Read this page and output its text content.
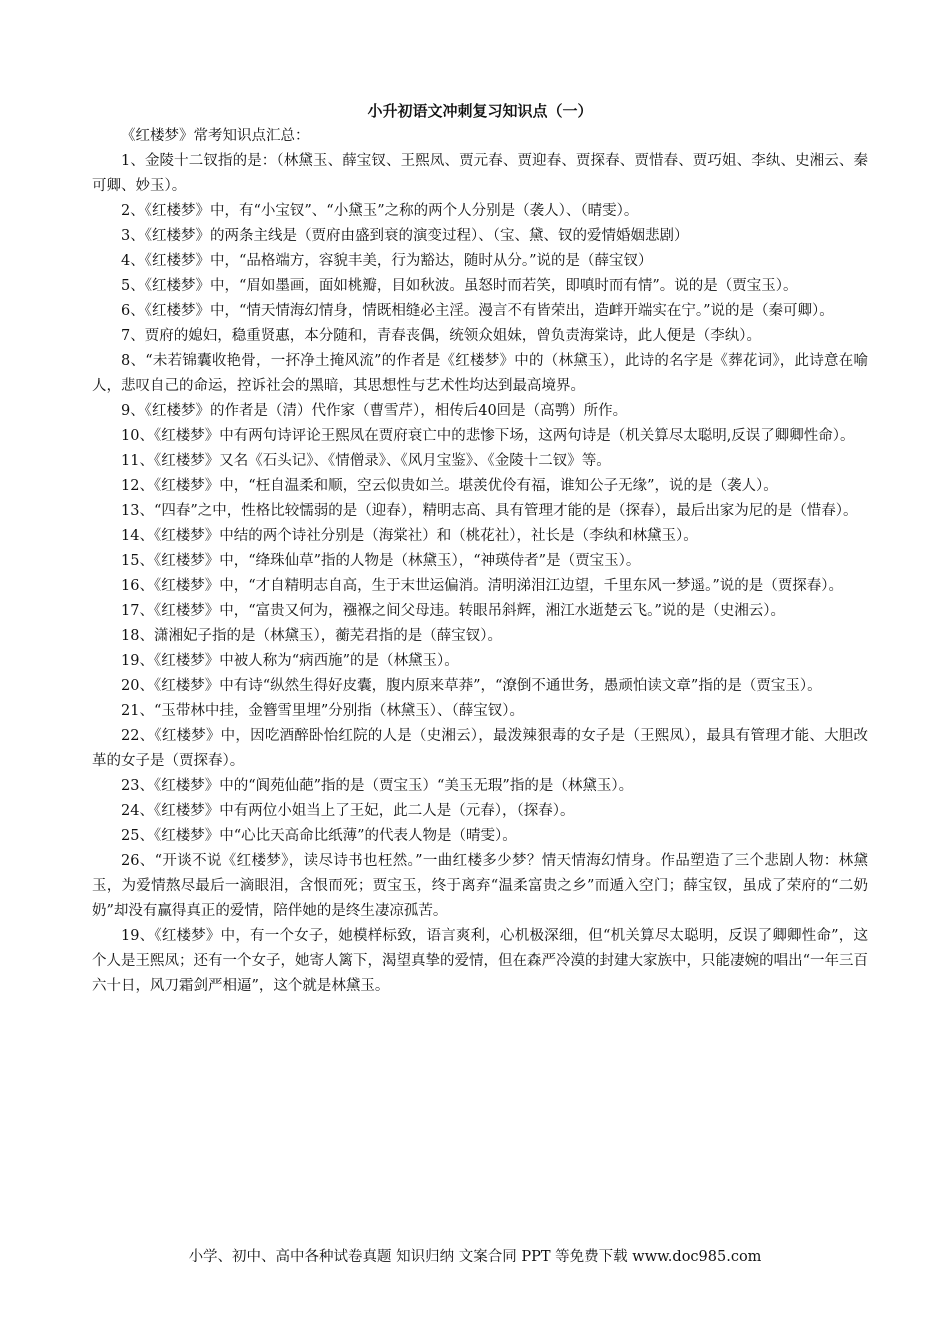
小升初语文冲刺复习知识点（一）

《红楼梦》常考知识点汇总：

1、金陵十二钗指的是：（林黛玉、薛宝钗、王熙凤、贾元春、贾迎春、贾探春、贾惜春、贾巧姐、李纨、史湘云、秦可卿、妙玉）。

2、《红楼梦》中，有“小宝钗”、“小黛玉”之称的两个人分别是（袭人）、（晴雯）。

3、《红楼梦》的两条主线是（贾府由盛到衰的演变过程）、（宝、黛、钗的爱情婚姻悲剧）

4、《红楼梦》中，“品格端方，容貌丰美，行为豁达，随时从分。”说的是（薛宝钗）

5、《红楼梦》中，“眉如墨画，面如桃瓣，目如秋波。虽怒时而若笑，即嗔时而有情”。说的是（贾宝玉）。

6、《红楼梦》中，“情天情海幻情身，情既相缝必主淫。漫言不有皆荣出，造衅开端实在宁。”说的是（秦可卿）。

7、贾府的媳妇，稳重贤惠，本分随和，青春丧偶，统领众姐妹，曾负责海棠诗，此人便是（李纨）。

8、“未若锦囊收艳骨，一抔净土掩风流”的作者是《红楼梦》中的（林黛玉），此诗的名字是《葬花词》，此诗意在喻人，悲叹自己的命运，控诉社会的黑暗，其思想性与艺术性均达到最高境界。

9、《红楼梦》的作者是（清）代作家（曹雪芹），相传后40回是（高鹗）所作。

10、《红楼梦》中有两句诗评论王熙凤在贾府衰亡中的悲惨下场，这两句诗是（机关算尽太聪明,反误了卿卿性命）。

11、《红楼梦》又名《石头记》、《情僧录》、《风月宝鉴》、《金陵十二钗》等。

12、《红楼梦》中，“枉自温柔和顺，空云似贵如兰。堪羡优伶有福，谁知公子无缘”，说的是（袭人）。

13、“四春”之中，性格比较懦弱的是（迎春），精明志高、具有管理才能的是（探春），最后出家为尼的是（惜春）。

14、《红楼梦》中结的两个诗社分别是（海棠社）和（桃花社），社长是（李纨和林黛玉）。

15、《红楼梦》中，“绛珠仙草”指的人物是（林黛玉），“神瑛侍者”是（贾宝玉）。

16、《红楼梦》中，“才自精明志自高，生于末世运偏消。清明涕泪江边望，千里东风一梦遥。”说的是（贾探春）。

17、《红楼梦》中，“富贵又何为，襁褓之间父母违。转眼吊斜辉，湘江水逝楚云飞。”说的是（史湘云）。

18、潇湘妃子指的是（林黛玉），蘅芜君指的是（薛宝钗）。

19、《红楼梦》中被人称为“病西施”的是（林黛玉）。

20、《红楼梦》中有诗“纵然生得好皮囊，腹内原来草莽”，“潦倒不通世务，愚顽怕读文章”指的是（贾宝玉）。

21、“玉带林中挂，金簪雪里埋”分别指（林黛玉）、（薛宝钗）。

22、《红楼梦》中，因吃酒醉卧怡红院的人是（史湘云），最泼辣狠毒的女子是（王熙凤），最具有管理才能、大胆改革的女子是（贾探春）。

23、《红楼梦》中的“阆苑仙葩”指的是（贾宝玉）“美玉无瑕”指的是（林黛玉）。

24、《红楼梦》中有两位小姐当上了王妃，此二人是（元春），（探春）。

25、《红楼梦》中“心比天高命比纸薄”的代表人物是（晴雯）。

26、“开谈不说《红楼梦》，读尽诗书也枉然。”一曲红楼多少梦？情天情海幻情身。作品塑造了三个悲剧人物：林黛玉，为爱情熬尽最后一滴眼泪，含恨而死；贾宝玉，终于离弃“温柔富贵之乡”而遁入空门；薛宝钗，虽成了荣府的“二奶奶”却没有赢得真正的爱情，陪伴她的是终生凄凉孤苦。

19、《红楼梦》中，有一个女子，她模样标致，语言爽利，心机极深细，但“机关算尽太聪明，反误了卿卿性命”，这个人是王熙凤；还有一个女子，她寄人篱下，渴望真挚的爱情，但在森严冷漠的封建大家族中，只能凄婉的唱出“一年三百六十日，风刀霜剑严相逼”，这个就是林黛玉。

小学、初中、高中各种试卷真题 知识归纳 文案合同 PPT 等免费下载 www.doc985.com
